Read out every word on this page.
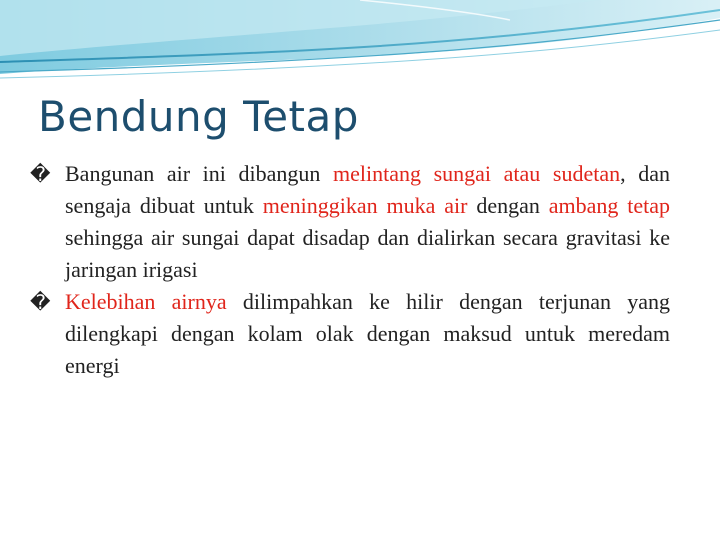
Bendung Tetap
� Bangunan air ini dibangun melintang sungai atau sudetan, dan sengaja dibuat untuk meninggikan muka air dengan ambang tetap sehingga air sungai dapat disadap dan dialirkan secara gravitasi ke jaringan irigasi
� Kelebihan airnya dilimpahkan ke hilir dengan terjunan yang dilengkapi dengan kolam olak dengan maksud untuk meredam energi
